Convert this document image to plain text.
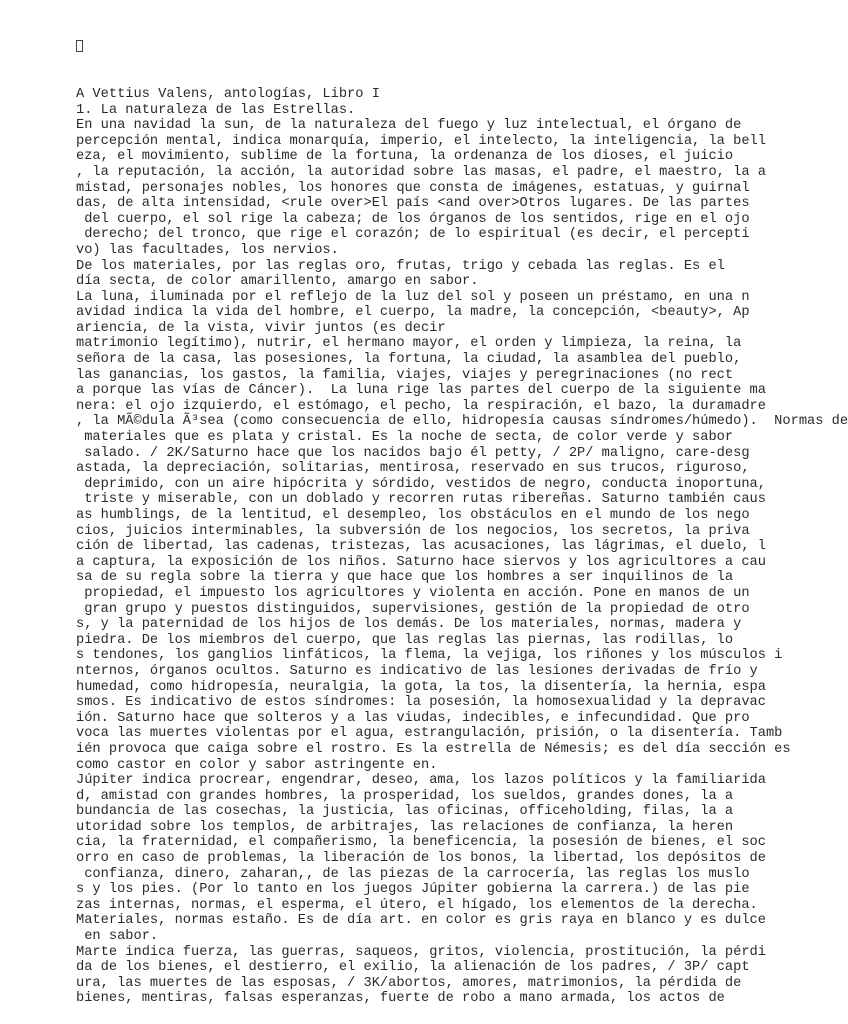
A Vettius Valens, antologías, Libro I
1. La naturaleza de las Estrellas.
En una navidad la sun, de la naturaleza del fuego y luz intelectual, el órgano de
percepción mental, indica monarquía, imperio, el intelecto, la inteligencia, la bell
eza, el movimiento, sublime de la fortuna, la ordenanza de los dioses, el juicio
, la reputación, la acción, la autoridad sobre las masas, el padre, el maestro, la a
mistad, personajes nobles, los honores que consta de imágenes, estatuas, y guirnal
das, de alta intensidad, <rule over>El país <and over>Otros lugares. De las partes
del cuerpo, el sol rige la cabeza; de los órganos de los sentidos, rige en el ojo
derecho; del tronco, que rige el corazón; de lo espiritual (es decir, el percepti
vo) las facultades, los nervios.
De los materiales, por las reglas oro, frutas, trigo y cebada las reglas. Es el
día secta, de color amarillento, amargo en sabor.
La luna, iluminada por el reflejo de la luz del sol y poseen un préstamo, en una n
avidad indica la vida del hombre, el cuerpo, la madre, la concepción, <beauty>, Ap
ariencia, de la vista, vivir juntos (es decir
matrimonio legítimo), nutrir, el hermano mayor, el orden y limpieza, la reina, la
señora de la casa, las posesiones, la fortuna, la ciudad, la asamblea del pueblo,
las ganancias, los gastos, la familia, viajes, viajes y peregrinaciones (no rect
a porque las vías de Cáncer).  La luna rige las partes del cuerpo de la siguiente ma
nera: el ojo izquierdo, el estómago, el pecho, la respiración, el bazo, la duramadre
, la MÃ©dula Ã³sea (como consecuencia de ello, hidropesía causas síndromes/húmedo).  Normas de
materiales que es plata y cristal. Es la noche de secta, de color verde y sabor
salado. / 2K/Saturno hace que los nacidos bajo él petty, / 2P/ maligno, care-desg
astada, la depreciación, solitarias, mentirosa, reservado en sus trucos, riguroso,
deprimido, con un aire hipócrita y sórdido, vestidos de negro, conducta inoportuna,
triste y miserable, con un doblado y recorren rutas ribereñas. Saturno también caus
as humblings, de la lentitud, el desempleo, los obstáculos en el mundo de los nego
cios, juicios interminables, la subversión de los negocios, los secretos, la priva
ción de libertad, las cadenas, tristezas, las acusaciones, las lágrimas, el duelo, l
a captura, la exposición de los niños. Saturno hace siervos y los agricultores a cau
sa de su regla sobre la tierra y que hace que los hombres a ser inquilinos de la
propiedad, el impuesto los agricultores y violenta en acción. Pone en manos de un
gran grupo y puestos distinguidos, supervisiones, gestión de la propiedad de otro
s, y la paternidad de los hijos de los demás. De los materiales, normas, madera y
piedra. De los miembros del cuerpo, que las reglas las piernas, las rodillas, lo
s tendones, los ganglios linfáticos, la flema, la vejiga, los riñones y los músculos i
nternos, órganos ocultos. Saturno es indicativo de las lesiones derivadas de frío y
humedad, como hidropesía, neuralgia, la gota, la tos, la disentería, la hernia, espa
smos. Es indicativo de estos síndromes: la posesión, la homosexualidad y la depravac
ión. Saturno hace que solteros y a las viudas, indecibles, e infecundidad. Que pro
voca las muertes violentas por el agua, estrangulación, prisión, o la disentería. Tamb
ién provoca que caiga sobre el rostro. Es la estrella de Némesis; es del día sección es
como castor en color y sabor astringente en.
Júpiter indica procrear, engendrar, deseo, ama, los lazos políticos y la familiarida
d, amistad con grandes hombres, la prosperidad, los sueldos, grandes dones, la a
bundancia de las cosechas, la justicia, las oficinas, officeholding, filas, la a
utoridad sobre los templos, de arbitrajes, las relaciones de confianza, la heren
cia, la fraternidad, el compañerismo, la beneficencia, la posesión de bienes, el soc
orro en caso de problemas, la liberación de los bonos, la libertad, los depósitos de
confianza, dinero, zaharan,, de las piezas de la carrocería, las reglas los muslo
s y los pies. (Por lo tanto en los juegos Júpiter gobierna la carrera.) de las pie
zas internas, normas, el esperma, el útero, el hígado, los elementos de la derecha.
Materiales, normas estaño. Es de día art. en color es gris raya en blanco y es dulce
en sabor.
Marte indica fuerza, las guerras, saqueos, gritos, violencia, prostitución, la pérdi
da de los bienes, el destierro, el exilio, la alienación de los padres, / 3P/ capt
ura, las muertes de las esposas, / 3K/abortos, amores, matrimonios, la pérdida de
bienes, mentiras, falsas esperanzas, fuerte de robo a mano armada, los actos de
